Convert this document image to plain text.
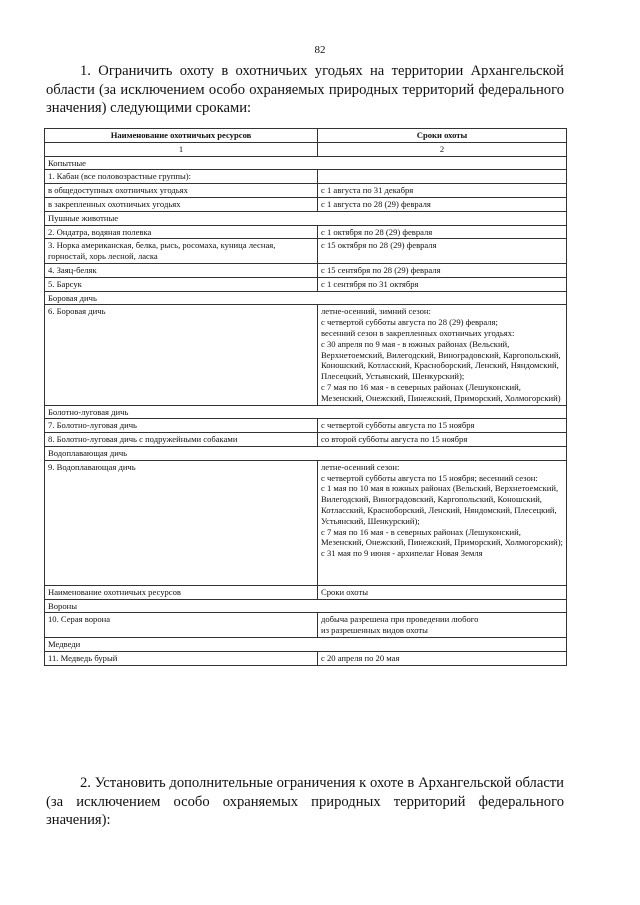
82
1. Ограничить охоту в охотничьих угодьях на территории Архангельской области (за исключением особо охраняемых природных территорий федерального значения) следующими сроками:
Наименование охотничьих ресурсов	Сроки охоты
1	2
Копытные	
1. Кабан (все половозрастные группы):	
в общедоступных охотничьих угодьях	с 1 августа по 31 декабря
в закрепленных охотничьих угодьях	с 1 августа по 28 (29) февраля
Пушные животные	
2. Ондатра, водяная полевка	с 1 октября по 28 (29) февраля
3. Норка американская, белка, рысь, росомаха, куница лесная, горностай, хорь лесной, ласка	с 15 октября по 28 (29) февраля
4. Заяц-беляк	с 15 сентября по 28 (29) февраля
5. Барсук	с 1 сентября по 31 октября
Боровая дичь	
6. Боровая дичь	летне-осенний, зимний сезон:
с четвертой субботы августа по 28 (29) февраля;
весенний сезон в закрепленных охотничьих угодьях:
с 30 апреля по 9 мая - в южных районах (Вельский, Верхнетоемский, Вилегодский, Виноградовский, Каргопольский, Коношский, Котласский, Красноборский, Ленский, Няндомский, Плесецкий, Устьянский, Шенкурский);
с 7 мая по 16 мая - в северных районах (Лешуконский, Мезенский, Онежский, Пинежский, Приморский, Холмогорский)
Болотно-луговая дичь	
7. Болотно-луговая дичь	с четвертой субботы августа по 15 ноября
8. Болотно-луговая дичь с подружейными собаками	со второй субботы августа по 15 ноября
Водоплавающая дичь	
9. Водоплавающая дичь	летне-осенний сезон:
с четвертой субботы августа по 15 ноября; весенний сезон:
с 1 мая по 10 мая в южных районах (Вельский, Верхнетоемский, Вилегодский, Виноградовский, Каргопольский, Коношский, Котласский, Красноборский, Ленский, Няндомский, Плесецкий, Устьянский, Шенкурский);
с 7 мая по 16 мая - в северных районах (Лешуконский, Мезенский, Онежский, Пинежский, Приморский, Холмогорский);
с 31 мая по 9 июня - архипелаг Новая Земля
Наименование охотничьих ресурсов	Сроки охоты
Вороны	
10. Серая ворона	добыча разрешена при проведении любого
из разрешенных видов охоты
Медведи	
11. Медведь бурый	с 20 апреля по 20 мая
2. Установить дополнительные ограничения к охоте в Архангельской области (за исключением особо охраняемых природных территорий федерального значения):
